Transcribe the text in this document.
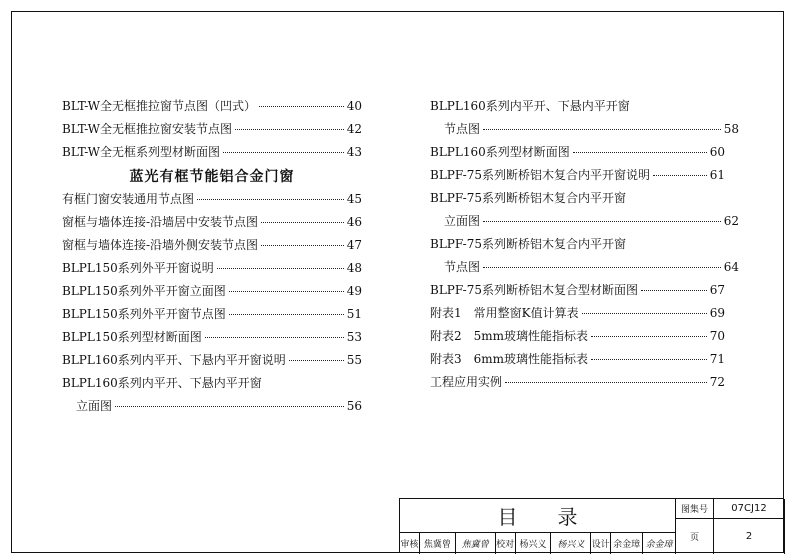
BLT-W全无框推拉窗节点图（凹式）	40
BLT-W全无框推拉窗安装节点图	42
BLT-W全无框系列型材断面图	43
蓝光有框节能铝合金门窗
有框门窗安装通用节点图	45
窗框与墙体连接-沿墙居中安装节点图	46
窗框与墙体连接-沿墙外侧安装节点图	47
BLPL150系列外平开窗说明	48
BLPL150系列外平开窗立面图	49
BLPL150系列外平开窗节点图	51
BLPL150系列型材断面图	53
BLPL160系列内平开、下悬内平开窗说明	55
BLPL160系列内平开、下悬内平开窗
立面图	56
BLPL160系列内平开、下悬内平开窗
节点图	58
BLPL160系列型材断面图	60
BLPF-75系列断桥铝木复合内平开窗说明	61
BLPF-75系列断桥铝木复合内平开窗
立面图	62
BLPF-75系列断桥铝木复合内平开窗
节点图	64
BLPF-75系列断桥铝木复合型材断面图	67
附表1　常用整窗K值计算表	69
附表2　5mm玻璃性能指标表	70
附表3　6mm玻璃性能指标表	71
工程应用实例	72
目录	图集号	07CJ12
页	2
审核 焦冀曾	焦冀曾 校对 杨兴义	杨兴义 设计 余金璋 余金璋
